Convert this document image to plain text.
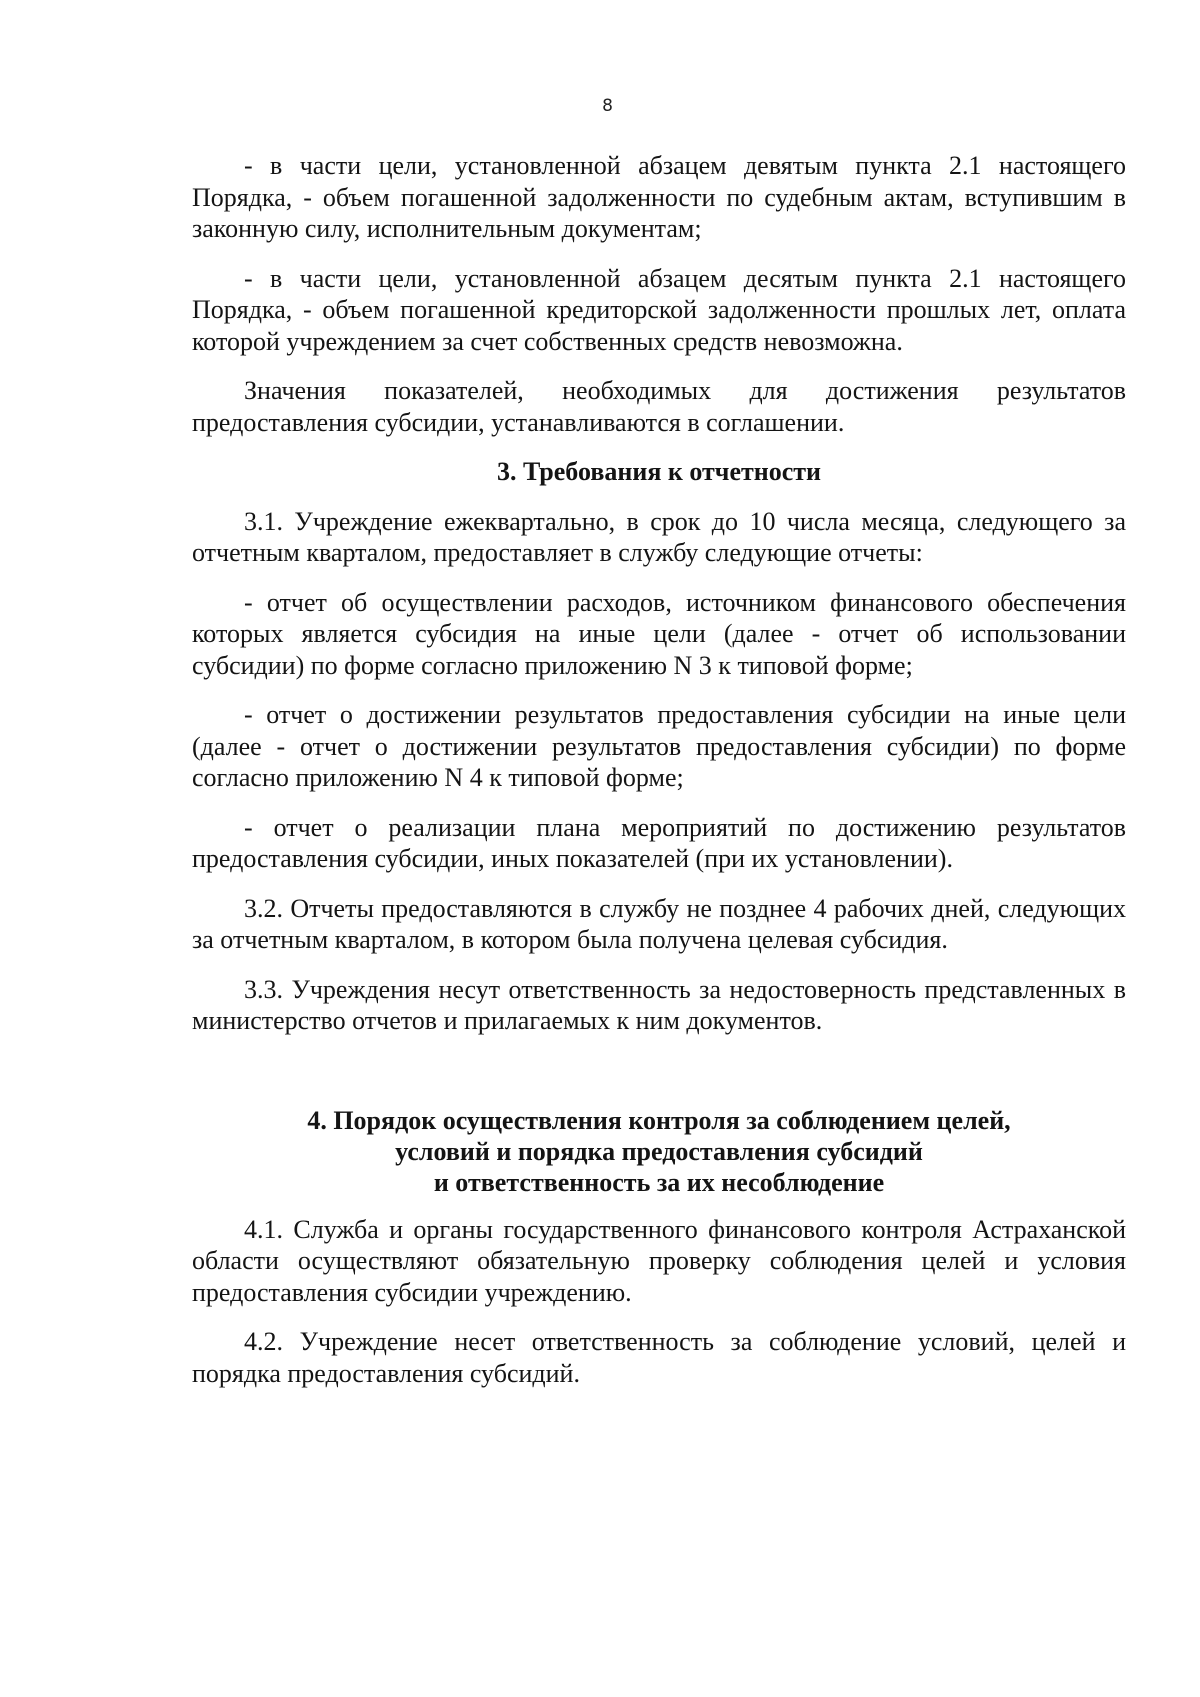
8

- в части цели, установленной абзацем девятым пункта 2.1 настоящего Порядка, - объем погашенной задолженности по судебным актам, вступившим в законную силу, исполнительным документам;

- в части цели, установленной абзацем десятым пункта 2.1 настоящего Порядка, - объем погашенной кредиторской задолженности прошлых лет, оплата которой учреждением за счет собственных средств невозможна.

Значения показателей, необходимых для достижения результатов предоставления субсидии, устанавливаются в соглашении.

3. Требования к отчетности

3.1. Учреждение ежеквартально, в срок до 10 числа месяца, следующего за отчетным кварталом, предоставляет в службу следующие отчеты:

- отчет об осуществлении расходов, источником финансового обеспечения которых является субсидия на иные цели (далее - отчет об использовании субсидии) по форме согласно приложению N 3 к типовой форме;

- отчет о достижении результатов предоставления субсидии на иные цели (далее - отчет о достижении результатов предоставления субсидии) по форме согласно приложению N 4 к типовой форме;

- отчет о реализации плана мероприятий по достижению результатов предоставления субсидии, иных показателей (при их установлении).

3.2. Отчеты предоставляются в службу не позднее 4 рабочих дней, следующих за отчетным кварталом, в котором была получена целевая субсидия.

3.3. Учреждения несут ответственность за недостоверность представленных в министерство отчетов и прилагаемых к ним документов.

4. Порядок осуществления контроля за соблюдением целей,
условий и порядка предоставления субсидий
и ответственность за их несоблюдение

4.1. Служба и органы государственного финансового контроля Астраханской области осуществляют обязательную проверку соблюдения целей и условия предоставления субсидии учреждению.

4.2. Учреждение несет ответственность за соблюдение условий, целей и порядка предоставления субсидий.
